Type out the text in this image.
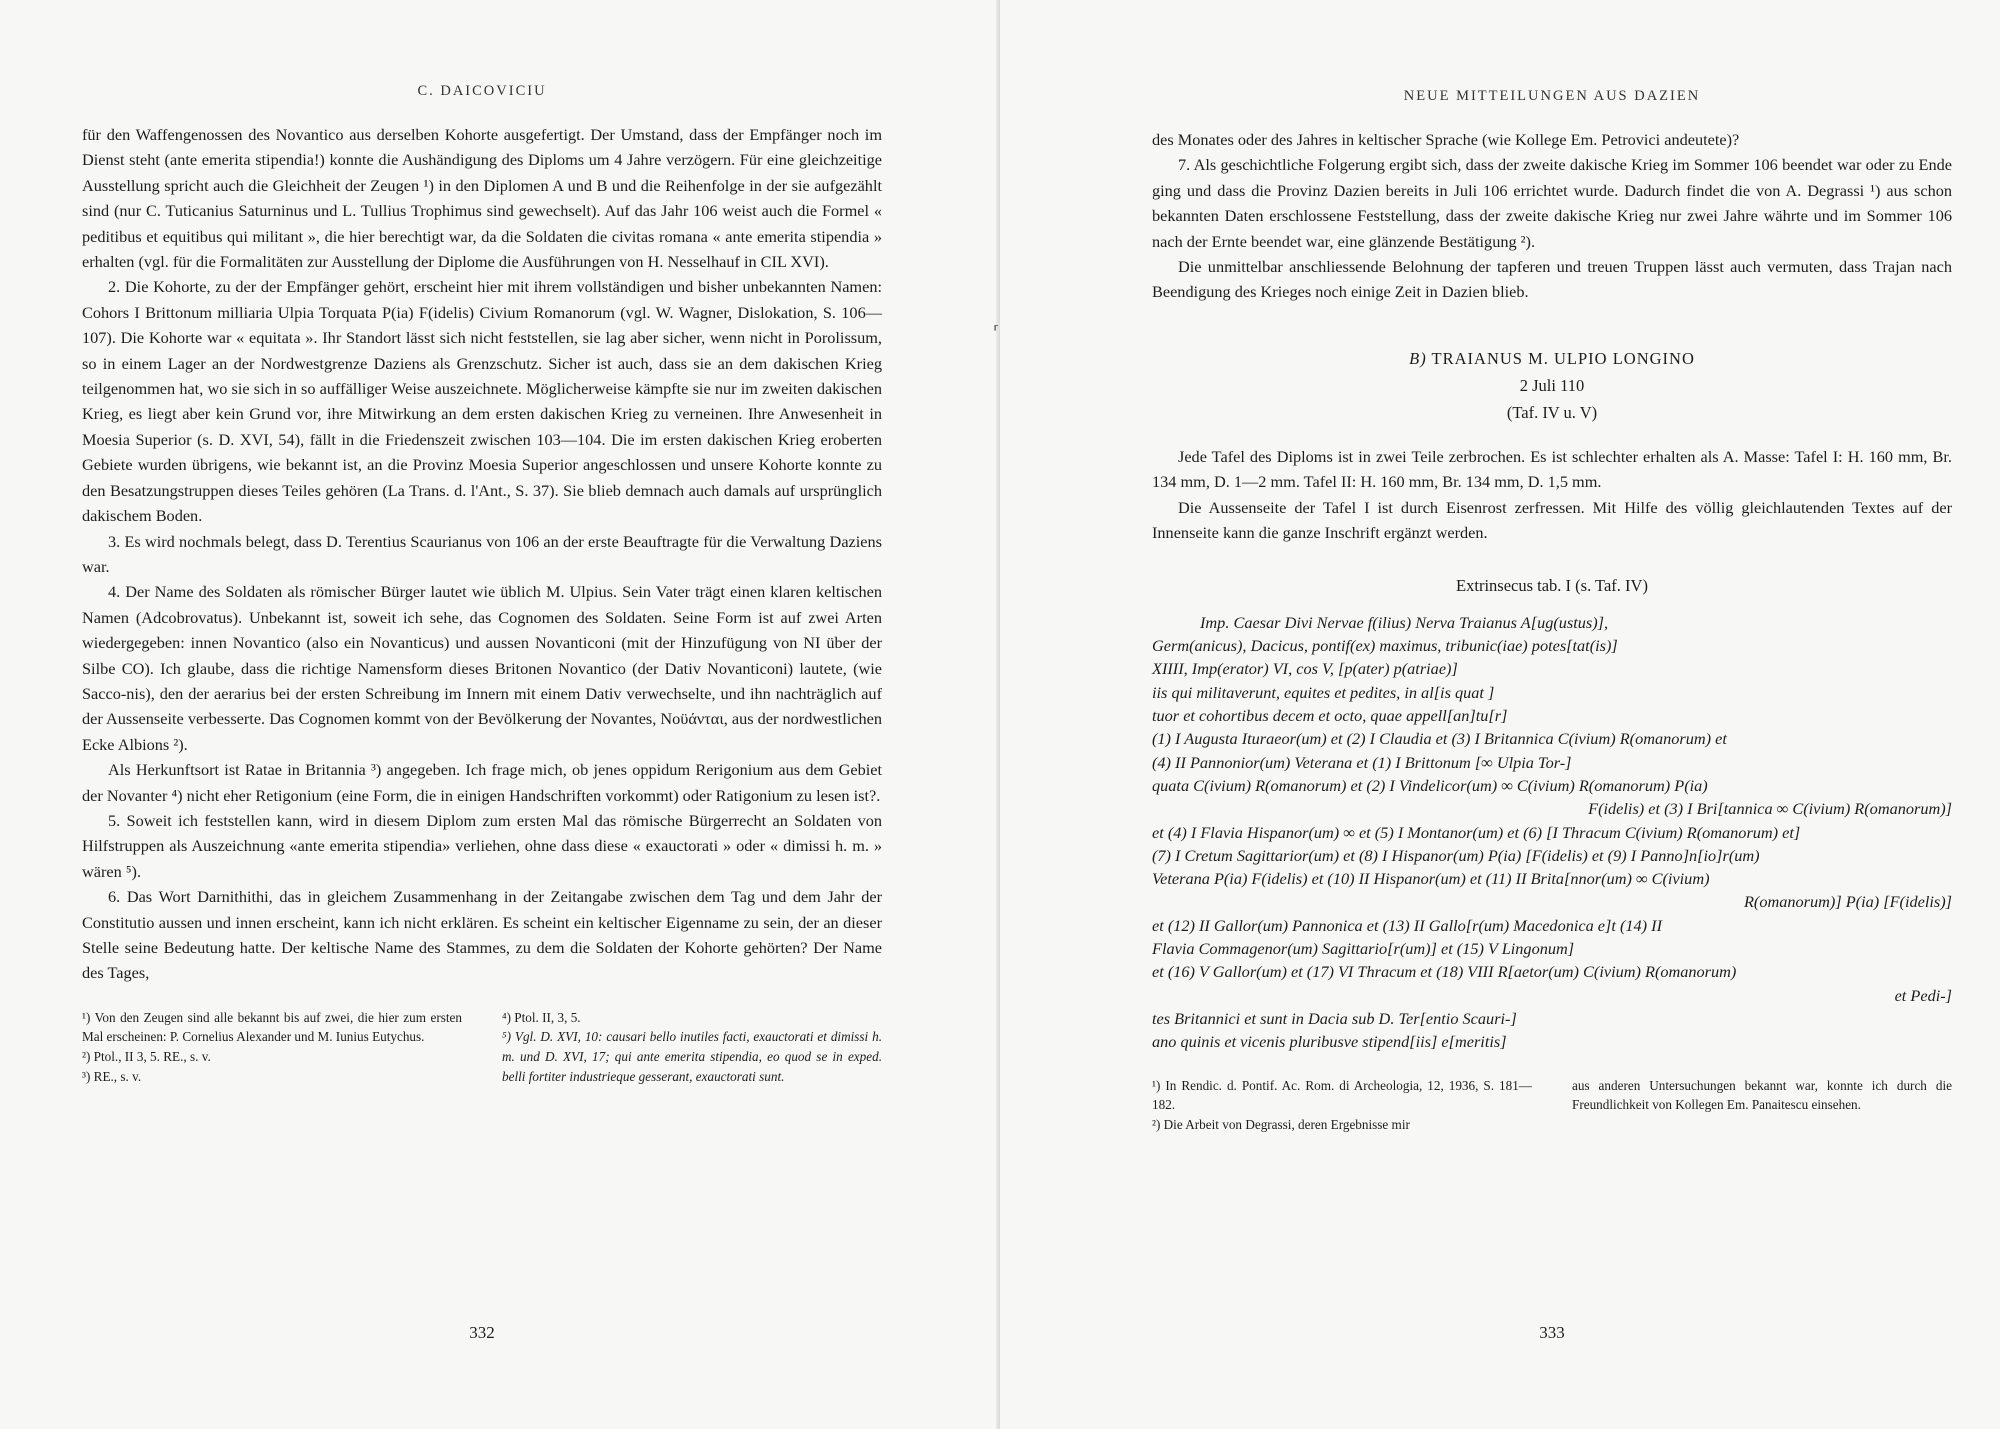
C. DAICOVICIU

für den Waffengenossen des Novantico aus derselben Kohorte ausgefertigt. Der Umstand, dass der Empfänger noch im Dienst steht (ante emerita stipendia!) konnte die Aushändigung des Diploms um 4 Jahre verzögern. Für eine gleichzeitige Ausstellung spricht auch die Gleichheit der Zeugen ¹) in den Diplomen A und B und die Reihenfolge in der sie aufgezählt sind (nur C. Tuticanius Saturninus und L. Tullius Trophimus sind gewechselt). Auf das Jahr 106 weist auch die Formel « peditibus et equitibus qui militant », die hier berechtigt war, da die Soldaten die civitas romana « ante emerita stipendia » erhalten (vgl. für die Formalitäten zur Ausstellung der Diplome die Ausführungen von H. Nesselhauf in CIL XVI).

2. Die Kohorte, zu der der Empfänger gehört, erscheint hier mit ihrem vollständigen und bisher unbekannten Namen: Cohors I Brittonum milliaria Ulpia Torquata P(ia) F(idelis) Civium Romanorum (vgl. W. Wagner, Dislokation, S. 106—107). Die Kohorte war « equitata ». Ihr Standort lässt sich nicht feststellen, sie lag aber sicher, wenn nicht in Porolissum, so in einem Lager an der Nordwestgrenze Daziens als Grenzschutz. Sicher ist auch, dass sie an dem dakischen Krieg teilgenommen hat, wo sie sich in so auffälliger Weise auszeichnete. Möglicherweise kämpfte sie nur im zweiten dakischen Krieg, es liegt aber kein Grund vor, ihre Mitwirkung an dem ersten dakischen Krieg zu verneinen. Ihre Anwesenheit in Moesia Superior (s. D. XVI, 54), fällt in die Friedenszeit zwischen 103—104. Die im ersten dakischen Krieg eroberten Gebiete wurden übrigens, wie bekannt ist, an die Provinz Moesia Superior angeschlossen und unsere Kohorte konnte zu den Besatzungstruppen dieses Teiles gehören (La Trans. d. l'Ant., S. 37). Sie blieb demnach auch damals auf ursprünglich dakischem Boden.

3. Es wird nochmals belegt, dass D. Terentius Scaurianus von 106 an der erste Beauftragte für die Verwaltung Daziens war.

4. Der Name des Soldaten als römischer Bürger lautet wie üblich M. Ulpius. Sein Vater trägt einen klaren keltischen Namen (Adcobrovatus). Unbekannt ist, soweit ich sehe, das Cognomen des Soldaten. Seine Form ist auf zwei Arten wiedergegeben: innen Novantico (also ein Novanticus) und aussen Novanticoni (mit der Hinzufügung von NI über der Silbe CO). Ich glaube, dass die richtige Namensform dieses Britonen Novantico (der Dativ Novanticoni) lautete, (wie Sacco-nis), den der aerarius bei der ersten Schreibung im Innern mit einem Dativ verwechselte, und ihn nachträglich auf der Aussenseite verbesserte. Das Cognomen kommt von der Bevölkerung der Novantes, Νοϋάνται, aus der nordwestlichen Ecke Albions ²).

Als Herkunftsort ist Ratae in Britannia ³) angegeben. Ich frage mich, ob jenes oppidum Rerigonium aus dem Gebiet der Novanter ⁴) nicht eher Retigonium (eine Form, die in einigen Handschriften vorkommt) oder Ratigonium zu lesen ist?.

5. Soweit ich feststellen kann, wird in diesem Diplom zum ersten Mal das römische Bürgerrecht an Soldaten von Hilfstruppen als Auszeichnung «ante emerita stipendia» verliehen, ohne dass diese « exauctorati » oder « dimissi h. m. » wären ⁵).

6. Das Wort Darnithithi, das in gleichem Zusammenhang in der Zeitangabe zwischen dem Tag und dem Jahr der Constitutio aussen und innen erscheint, kann ich nicht erklären. Es scheint ein keltischer Eigenname zu sein, der an dieser Stelle seine Bedeutung hatte. Der keltische Name des Stammes, zu dem die Soldaten der Kohorte gehörten? Der Name des Tages,

¹) Von den Zeugen sind alle bekannt bis auf zwei, die hier zum ersten Mal erscheinen: P. Cornelius Alexander und M. Iunius Eutychus.

²) Ptol., II 3, 5. RE., s. v.

³) RE., s. v.

⁴) Ptol. II, 3, 5.

⁵) Vgl. D. XVI, 10: causari bello inutiles facti, exauctorati et dimissi h. m. und D. XVI, 17; qui ante emerita stipendia, eo quod se in exped. belli fortiter industrieque gesserant, exauctorati sunt.

332
⸢
NEUE MITTEILUNGEN AUS DAZIEN

des Monates oder des Jahres in keltischer Sprache (wie Kollege Em. Petrovici andeutete)?

7. Als geschichtliche Folgerung ergibt sich, dass der zweite dakische Krieg im Sommer 106 beendet war oder zu Ende ging und dass die Provinz Dazien bereits in Juli 106 errichtet wurde. Dadurch findet die von A. Degrassi ¹) aus schon bekannten Daten erschlossene Feststellung, dass der zweite dakische Krieg nur zwei Jahre währte und im Sommer 106 nach der Ernte beendet war, eine glänzende Bestätigung ²).

Die unmittelbar anschliessende Belohnung der tapferen und treuen Truppen lässt auch vermuten, dass Trajan nach Beendigung des Krieges noch einige Zeit in Dazien blieb.

B) TRAIANUS M. ULPIO LONGINO
2 Juli 110
(Taf. IV u. V)

Jede Tafel des Diploms ist in zwei Teile zerbrochen. Es ist schlechter erhalten als A. Masse: Tafel I: H. 160 mm, Br. 134 mm, D. 1—2 mm. Tafel II: H. 160 mm, Br. 134 mm, D. 1,5 mm.

Die Aussenseite der Tafel I ist durch Eisenrost zerfressen. Mit Hilfe des völlig gleichlautenden Textes auf der Innenseite kann die ganze Inschrift ergänzt werden.

Extrinsecus tab. I (s. Taf. IV)
Imp. Caesar Divi Nervae f(ilius) Nerva Traianus A[ug(ustus)],
Germ(anicus), Dacicus, pontif(ex) maximus, tribunic(iae) potes[tat(is)]
XIIII, Imp(erator) VI, cos V, [p(ater) p(atriae)]
iis qui militaverunt, equites et pedites, in al[is quat ]
tuor et cohortibus decem et octo, quae appell[an]tu[r]
(1) I Augusta Ituraeor(um) et (2) I Claudia et (3) I Britannica C(ivium) R(omanorum) et
(4) II Pannonior(um) Veterana et (1) I Brittonum [∞ Ulpia Tor-]
quata C(ivium) R(omanorum) et (2) I Vindelicor(um) ∞ C(ivium) R(omanorum) P(ia)
F(idelis) et (3) I Bri[tannica ∞ C(ivium) R(omanorum)]
et (4) I Flavia Hispanor(um) ∞ et (5) I Montanor(um) et (6) [I Thracum C(ivium) R(omanorum) et]
(7) I Cretum Sagittarior(um) et (8) I Hispanor(um) P(ia) [F(idelis) et (9) I Panno]n[io]r(um)
Veterana P(ia) F(idelis) et (10) II Hispanor(um) et (11) II Brita[nnor(um) ∞ C(ivium)
R(omanorum)] P(ia) [F(idelis)]
et (12) II Gallor(um) Pannonica et (13) II Gallo[r(um) Macedonica e]t (14) II
Flavia Commagenor(um) Sagittario[r(um)] et (15) V Lingonum]
et (16) V Gallor(um) et (17) VI Thracum et (18) VIII R[aetor(um) C(ivium) R(omanorum)
et Pedi-]
tes Britannici et sunt in Dacia sub D. Ter[entio Scauri-]
ano quinis et vicenis pluribusve stipend[iis] e[meritis]

¹) In Rendic. d. Pontif. Ac. Rom. di Archeologia, 12, 1936, S. 181—182.

²) Die Arbeit von Degrassi, deren Ergebnisse mir

aus anderen Untersuchungen bekannt war, konnte ich durch die Freundlichkeit von Kollegen Em. Panaitescu einsehen.

333
